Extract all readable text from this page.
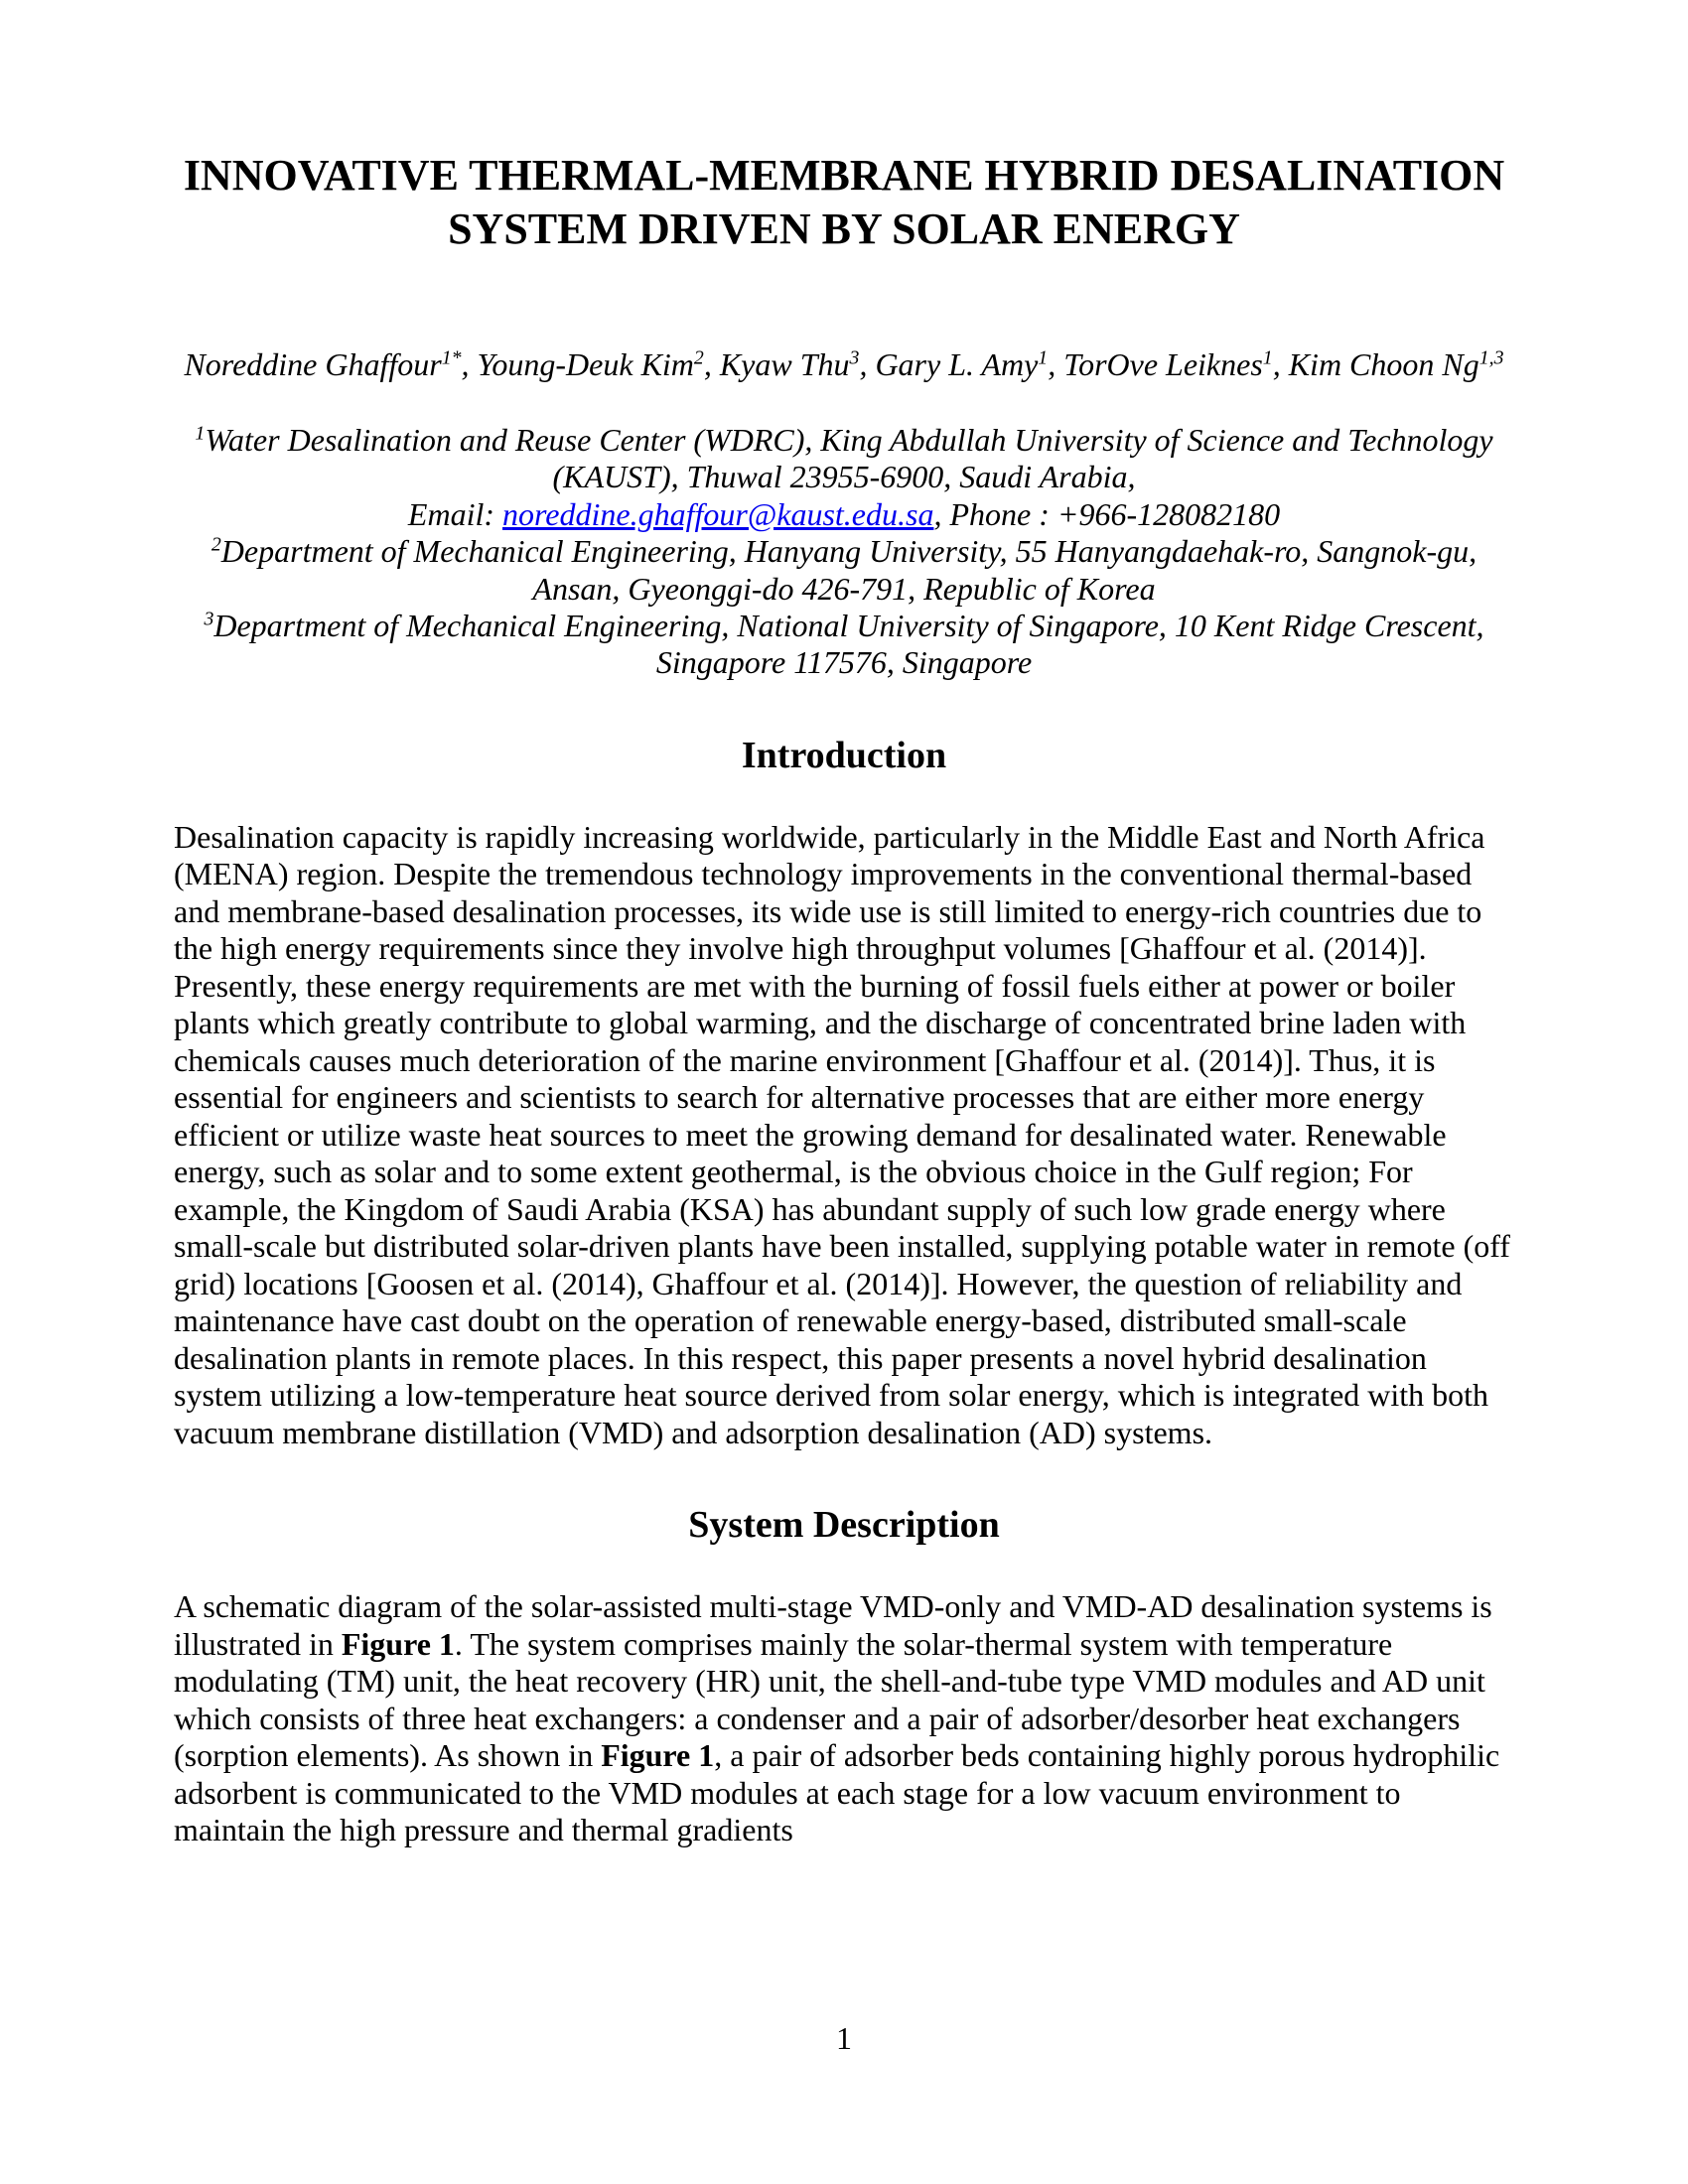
INNOVATIVE THERMAL-MEMBRANE HYBRID DESALINATION
SYSTEM DRIVEN BY SOLAR ENERGY

Noreddine Ghaffour$^{1*}$, Young-Deuk Kim$^2$, Kyaw Thu$^3$, Gary L. Amy$^1$, TorOve Leiknes$^1$, Kim Choon Ng$^{1,3}$

$^1$Water Desalination and Reuse Center (WDRC), King Abdullah University of Science and Technology (KAUST), Thuwal 23955-6900, Saudi Arabia,

Email: noreddine.ghaffour@kaust.edu.sa, Phone : +966-128082180

$^2$Department of Mechanical Engineering, Hanyang University, 55 Hanyangdaehak-ro, Sangnok-gu, Ansan, Gyeonggi-do 426-791, Republic of Korea

$^3$Department of Mechanical Engineering, National University of Singapore, 10 Kent Ridge Crescent, Singapore 117576, Singapore

Introduction

Desalination capacity is rapidly increasing worldwide, particularly in the Middle East and North Africa (MENA) region. Despite the tremendous technology improvements in the conventional thermal-based and membrane-based desalination processes, its wide use is still limited to energy-rich countries due to the high energy requirements since they involve high throughput volumes [Ghaffour et al. (2014)]. Presently, these energy requirements are met with the burning of fossil fuels either at power or boiler plants which greatly contribute to global warming, and the discharge of concentrated brine laden with chemicals causes much deterioration of the marine environment [Ghaffour et al. (2014)]. Thus, it is essential for engineers and scientists to search for alternative processes that are either more energy efficient or utilize waste heat sources to meet the growing demand for desalinated water. Renewable energy, such as solar and to some extent geothermal, is the obvious choice in the Gulf region; For example, the Kingdom of Saudi Arabia (KSA) has abundant supply of such low grade energy where small-scale but distributed solar-driven plants have been installed, supplying potable water in remote (off grid) locations [Goosen et al. (2014), Ghaffour et al. (2014)]. However, the question of reliability and maintenance have cast doubt on the operation of renewable energy-based, distributed small-scale desalination plants in remote places. In this respect, this paper presents a novel hybrid desalination system utilizing a low-temperature heat source derived from solar energy, which is integrated with both vacuum membrane distillation (VMD) and adsorption desalination (AD) systems.

System Description

A schematic diagram of the solar-assisted multi-stage VMD-only and VMD-AD desalination systems is illustrated in Figure 1. The system comprises mainly the solar-thermal system with temperature modulating (TM) unit, the heat recovery (HR) unit, the shell-and-tube type VMD modules and AD unit which consists of three heat exchangers: a condenser and a pair of adsorber/desorber heat exchangers (sorption elements). As shown in Figure 1, a pair of adsorber beds containing highly porous hydrophilic adsorbent is communicated to the VMD modules at each stage for a low vacuum environment to maintain the high pressure and thermal gradients

1
